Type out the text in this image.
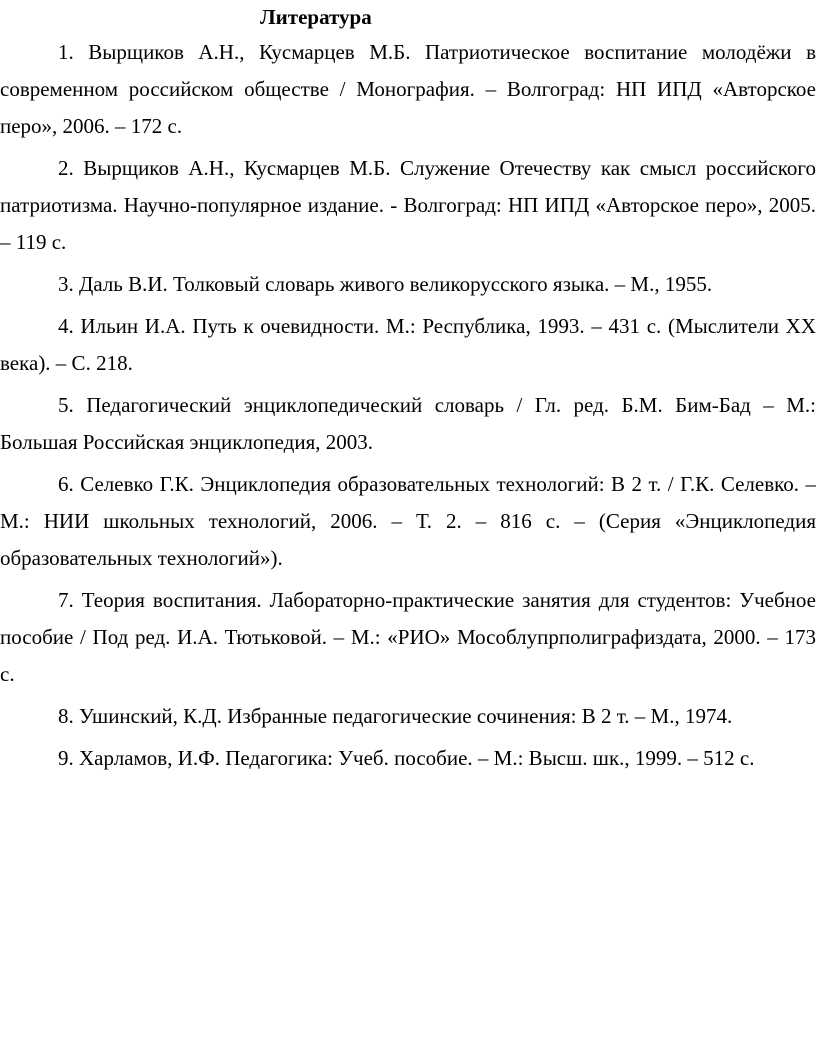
Литература
1. Вырщиков А.Н., Кусмарцев М.Б. Патриотическое воспитание молодёжи в современном российском обществе / Монография. – Волгоград: НП ИПД «Авторское перо», 2006. – 172 с.
2. Вырщиков А.Н., Кусмарцев М.Б. Служение Отечеству как смысл российского патриотизма. Научно-популярное издание. - Волгоград: НП ИПД «Авторское перо», 2005. – 119 с.
3. Даль В.И. Толковый словарь живого великорусского языка. – М., 1955.
4. Ильин И.А. Путь к очевидности. М.: Республика, 1993. – 431 с. (Мыслители XX века). – С. 218.
5. Педагогический энциклопедический словарь / Гл. ред. Б.М. Бим-Бад – М.: Большая Российская энциклопедия, 2003.
6. Селевко Г.К. Энциклопедия образовательных технологий: В 2 т. / Г.К. Селевко. – М.: НИИ школьных технологий, 2006. – Т. 2. – 816 с. – (Серия «Энциклопедия образовательных технологий»).
7. Теория воспитания. Лабораторно-практические занятия для студентов: Учебное пособие / Под ред. И.А. Тютьковой. – М.: «РИО» Мособлупрполиграфиздата, 2000. – 173 с.
8. Ушинский, К.Д. Избранные педагогические сочинения: В 2 т. – М., 1974.
9. Харламов, И.Ф. Педагогика: Учеб. пособие. – М.: Высш. шк., 1999. – 512 с.
